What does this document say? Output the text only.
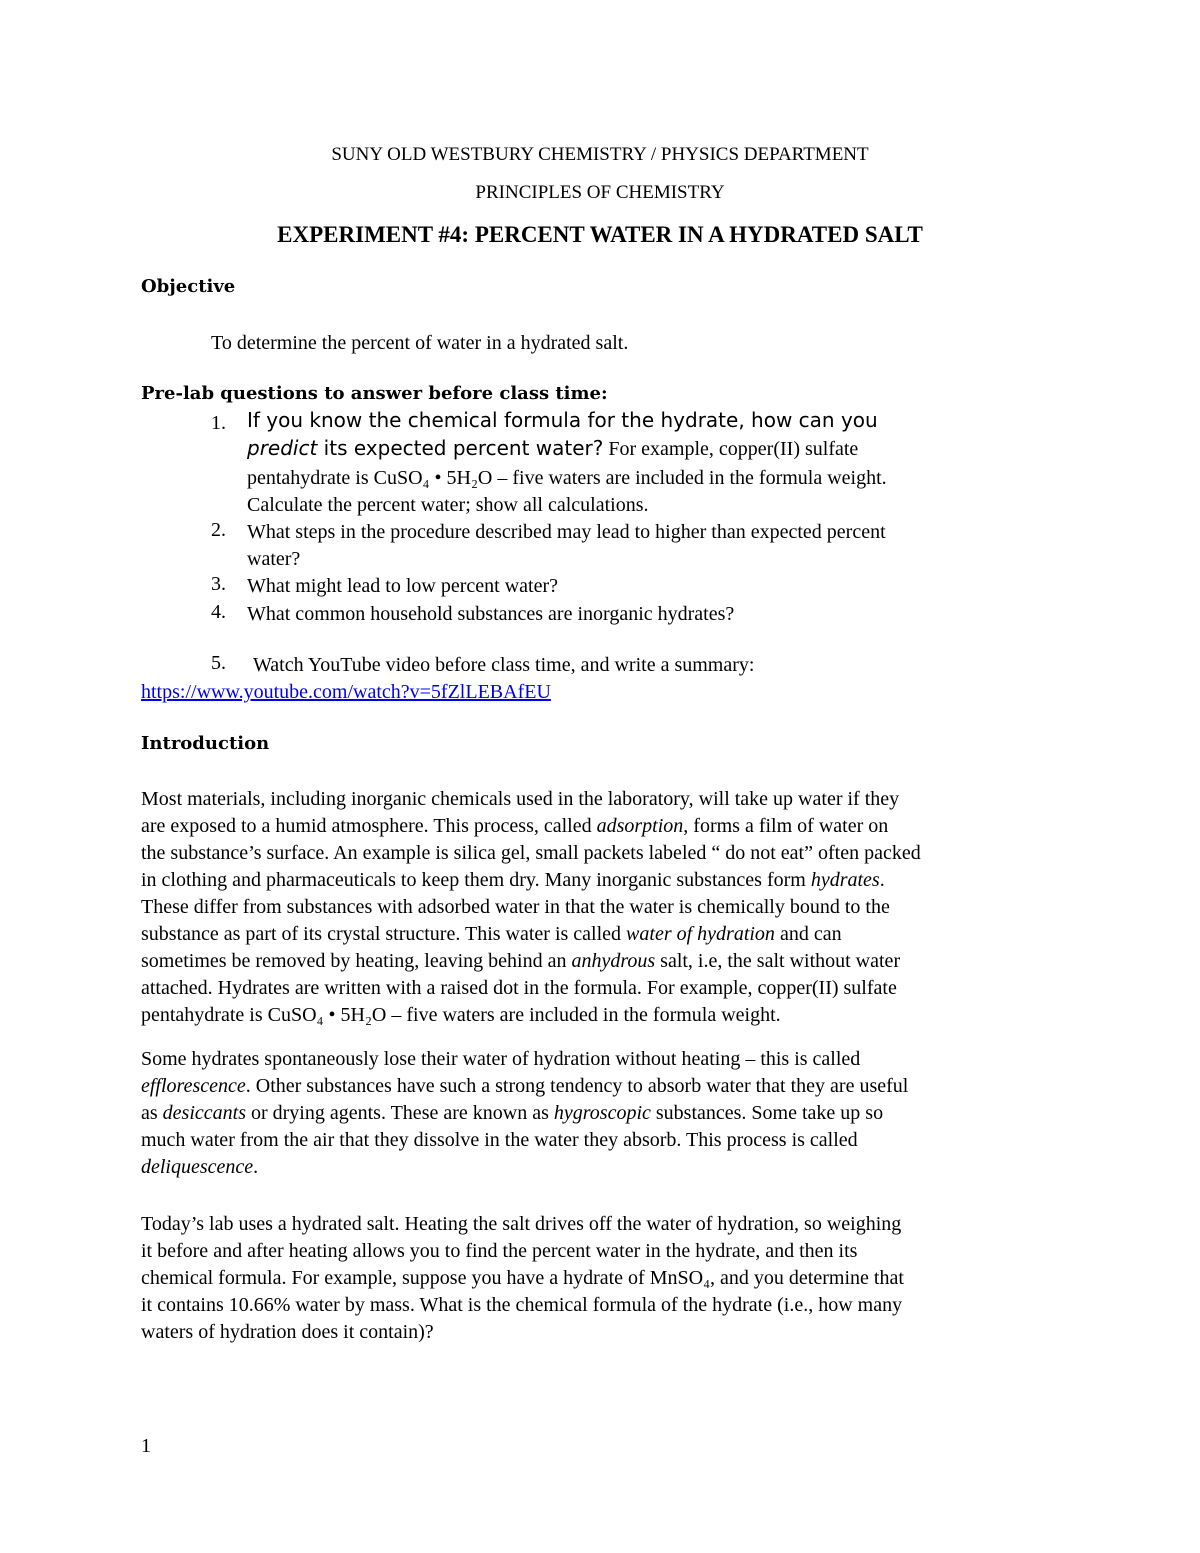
SUNY OLD WESTBURY CHEMISTRY / PHYSICS DEPARTMENT
PRINCIPLES OF CHEMISTRY
EXPERIMENT #4: PERCENT WATER IN A HYDRATED SALT
Objective
To determine the percent of water in a hydrated salt.
Pre-lab questions to answer before class time:
1. If you know the chemical formula for the hydrate, how can you
predict its expected percent water? For example, copper(II) sulfate
pentahydrate is CuSO₄ • 5H₂O – five waters are included in the formula weight.
Calculate the percent water; show all calculations.
2. What steps in the procedure described may lead to higher than expected percent
water?
3. What might lead to low percent water?
4. What common household substances are inorganic hydrates?
5. Watch YouTube video before class time, and write a summary:
https://www.youtube.com/watch?v=5fZlLEBAfEU
Introduction
Most materials, including inorganic chemicals used in the laboratory, will take up water if they
are exposed to a humid atmosphere. This process, called adsorption, forms a film of water on
the substance’s surface. An example is silica gel, small packets labeled “ do not eat” often packed
in clothing and pharmaceuticals to keep them dry. Many inorganic substances form hydrates.
These differ from substances with adsorbed water in that the water is chemically bound to the
substance as part of its crystal structure. This water is called water of hydration and can
sometimes be removed by heating, leaving behind an anhydrous salt, i.e, the salt without water
attached. Hydrates are written with a raised dot in the formula. For example, copper(II) sulfate
pentahydrate is CuSO₄ • 5H₂O – five waters are included in the formula weight.
Some hydrates spontaneously lose their water of hydration without heating – this is called
efflorescence. Other substances have such a strong tendency to absorb water that they are useful
as desiccants or drying agents. These are known as hygroscopic substances. Some take up so
much water from the air that they dissolve in the water they absorb. This process is called
deliquescence.
Today’s lab uses a hydrated salt. Heating the salt drives off the water of hydration, so weighing
it before and after heating allows you to find the percent water in the hydrate, and then its
chemical formula. For example, suppose you have a hydrate of MnSO₄, and you determine that
it contains 10.66% water by mass. What is the chemical formula of the hydrate (i.e., how many
waters of hydration does it contain)?
1
